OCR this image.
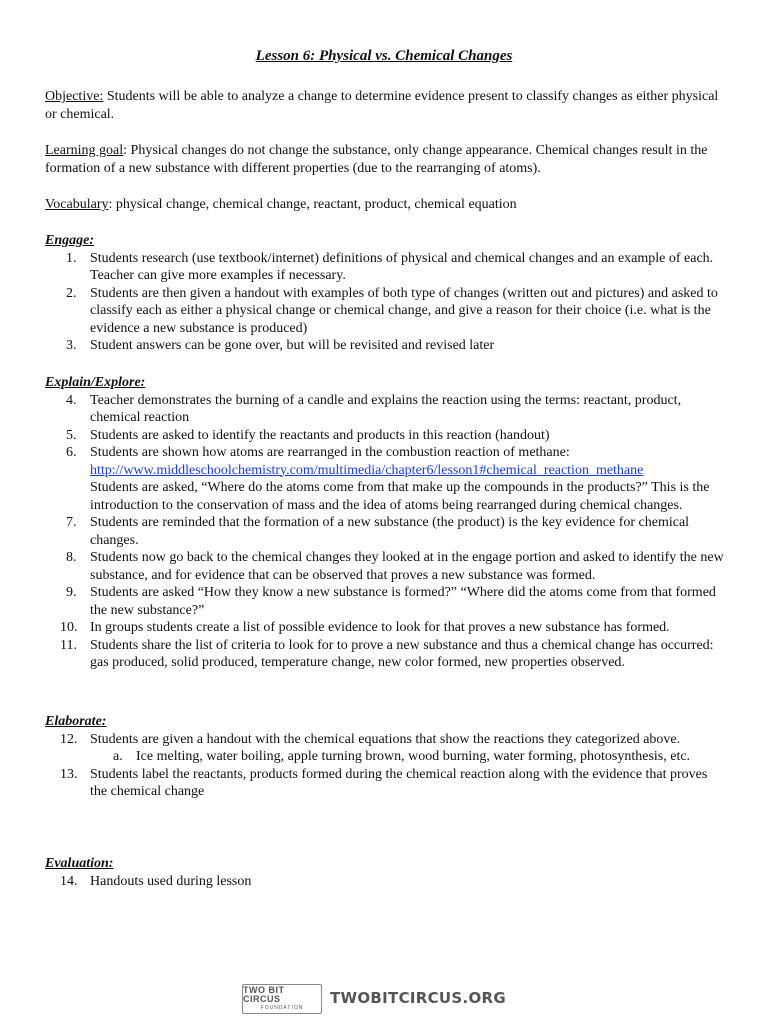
Lesson 6: Physical vs. Chemical Changes
Objective: Students will be able to analyze a change to determine evidence present to classify changes as either physical or chemical.
Learning goal: Physical changes do not change the substance, only change appearance. Chemical changes result in the formation of a new substance with different properties (due to the rearranging of atoms).
Vocabulary: physical change, chemical change, reactant, product, chemical equation
Engage:
1. Students research (use textbook/internet) definitions of physical and chemical changes and an example of each. Teacher can give more examples if necessary.
2. Students are then given a handout with examples of both type of changes (written out and pictures) and asked to classify each as either a physical change or chemical change, and give a reason for their choice (i.e. what is the evidence a new substance is produced)
3. Student answers can be gone over, but will be revisited and revised later
Explain/Explore:
4. Teacher demonstrates the burning of a candle and explains the reaction using the terms: reactant, product, chemical reaction
5. Students are asked to identify the reactants and products in this reaction (handout)
6. Students are shown how atoms are rearranged in the combustion reaction of methane:
http://www.middleschoolchemistry.com/multimedia/chapter6/lesson1#chemical_reaction_methane
Students are asked, “Where do the atoms come from that make up the compounds in the products?” This is the introduction to the conservation of mass and the idea of atoms being rearranged during chemical changes.
7. Students are reminded that the formation of a new substance (the product) is the key evidence for chemical changes.
8. Students now go back to the chemical changes they looked at in the engage portion and asked to identify the new substance, and for evidence that can be observed that proves a new substance was formed.
9. Students are asked “How they know a new substance is formed?” “Where did the atoms come from that formed the new substance?”
10. In groups students create a list of possible evidence to look for that proves a new substance has formed.
11. Students share the list of criteria to look for to prove a new substance and thus a chemical change has occurred: gas produced, solid produced, temperature change, new color formed, new properties observed.
Elaborate:
12. Students are given a handout with the chemical equations that show the reactions they categorized above.
a. Ice melting, water boiling, apple turning brown, wood burning, water forming, photosynthesis, etc.
13. Students label the reactants, products formed during the chemical reaction along with the evidence that proves the chemical change
Evaluation:
14. Handouts used during lesson
TWO BIT CIRCUS
FOUNDATION
TWOBITCIRCUS.ORG
